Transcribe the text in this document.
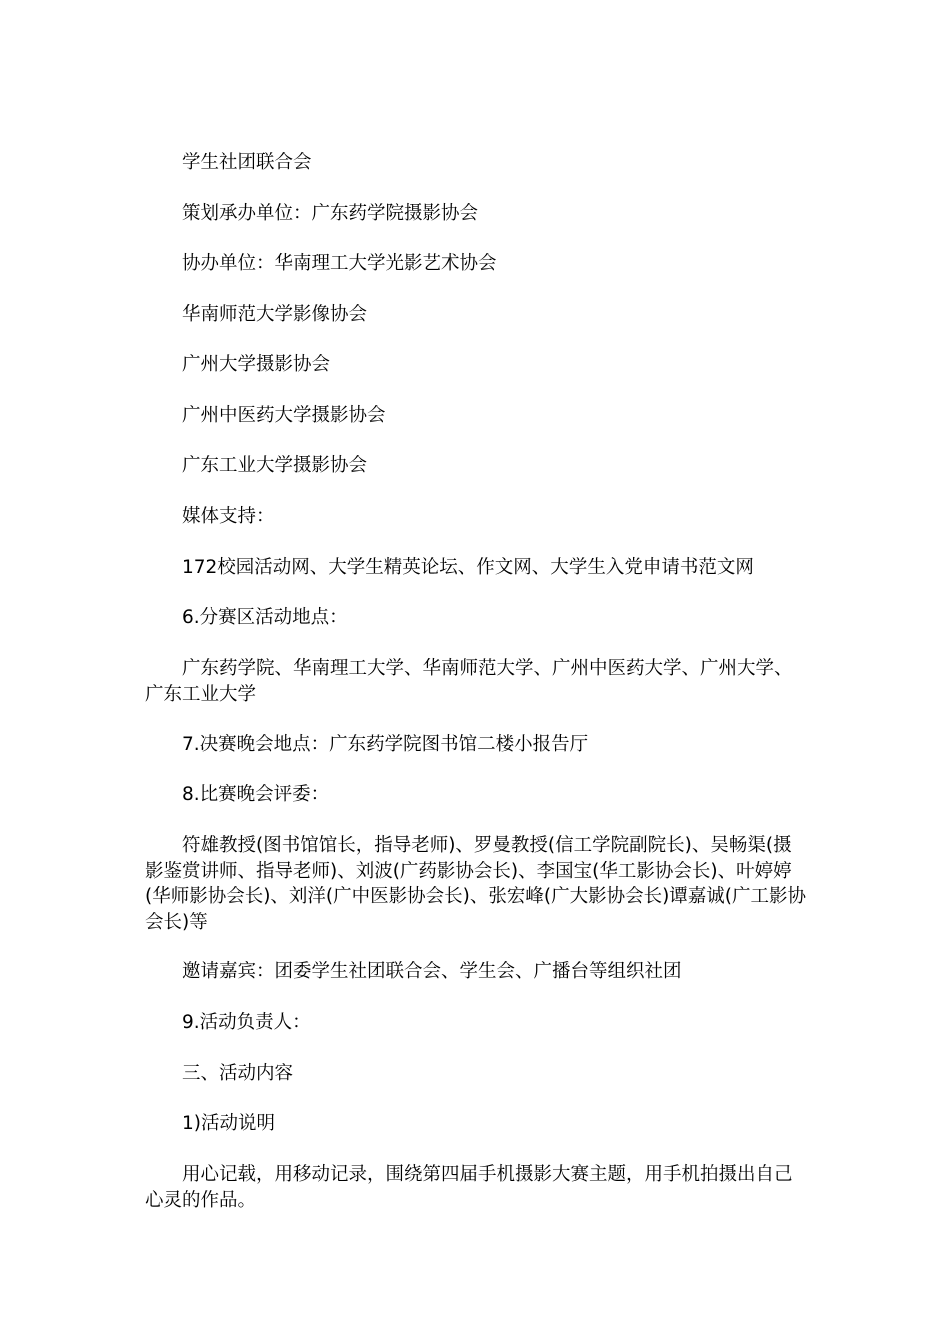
学生社团联合会

策划承办单位：广东药学院摄影协会

协办单位：华南理工大学光影艺术协会

华南师范大学影像协会

广州大学摄影协会

广州中医药大学摄影协会

广东工业大学摄影协会

媒体支持：

172校园活动网、大学生精英论坛、作文网、大学生入党申请书范文网

6.分赛区活动地点：

广东药学院、华南理工大学、华南师范大学、广州中医药大学、广州大学、广东工业大学

7.决赛晚会地点：广东药学院图书馆二楼小报告厅

8.比赛晚会评委：

符雄教授(图书馆馆长，指导老师)、罗曼教授(信工学院副院长)、吴畅渠(摄影鉴赏讲师、指导老师)、刘波(广药影协会长)、李国宝(华工影协会长)、叶婷婷(华师影协会长)、刘洋(广中医影协会长)、张宏峰(广大影协会长)谭嘉诚(广工影协会长)等

邀请嘉宾：团委学生社团联合会、学生会、广播台等组织社团

9.活动负责人：

三、活动内容

1)活动说明

用心记载，用移动记录，围绕第四届手机摄影大赛主题，用手机拍摄出自己心灵的作品。
